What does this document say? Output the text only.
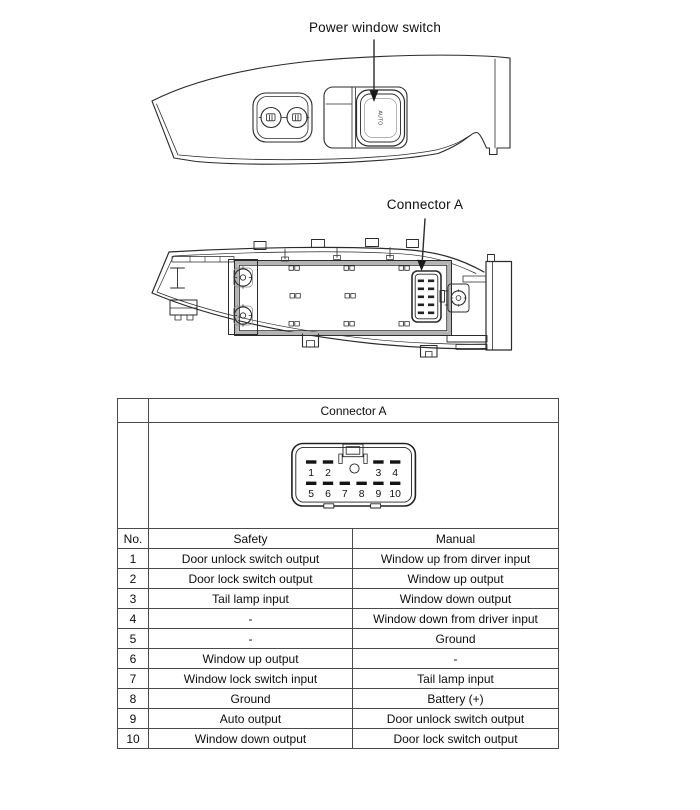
AUTO
Power window switch
Connector A
	Connector A	

1 2	3 4
5 6 7 8 9 10

No.	Safety	Manual
1	Door unlock switch output	Window up from dirver input
2	Door lock switch output	Window up output
3	Tail lamp input	Window down output
4	-	Window down from driver input
5	-	Ground
6	Window up output	-
7	Window lock switch input	Tail lamp input
8	Ground	Battery (+)
9	Auto output	Door unlock switch output
10	Window down output	Door lock switch output
